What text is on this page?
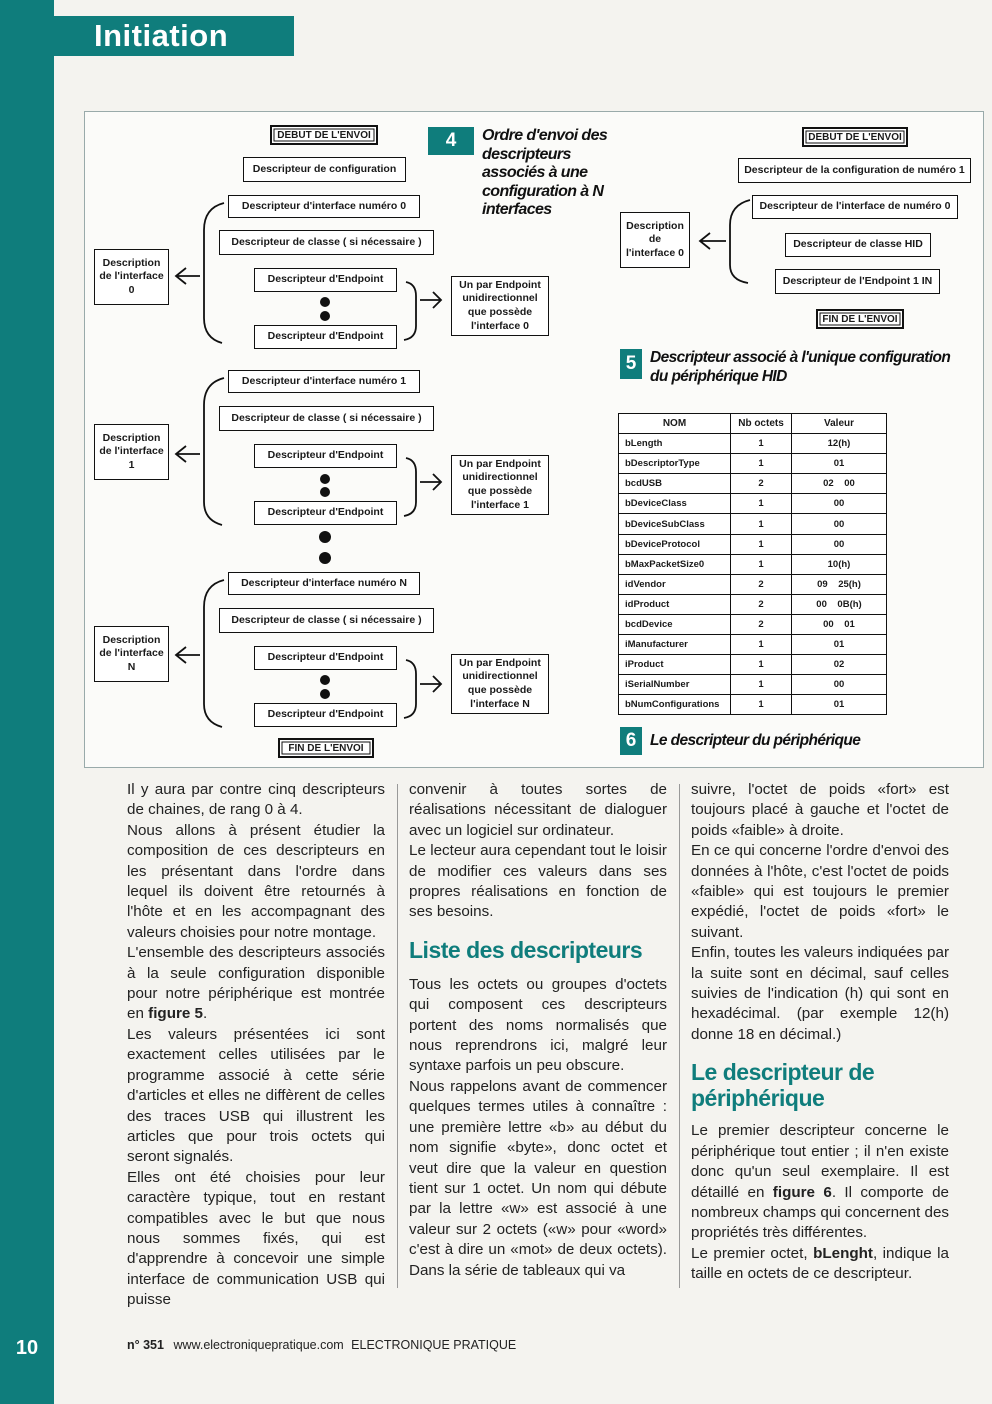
Initiation
DEBUT DE L'ENVOI
Descripteur de configuration
Descripteur d'interface numéro 0
Descripteur de classe ( si nécessaire )
Descripteur d'Endpoint
Descripteur d'Endpoint
Un par Endpoint unidirectionnel que possède l'interface 0
Description de l'interface 0
Descripteur d'interface numéro 1
Descripteur de classe ( si nécessaire )
Descripteur d'Endpoint
Descripteur d'Endpoint
Un par Endpoint unidirectionnel que possède l'interface 1
Description de l'interface 1
Descripteur d'interface numéro N
Descripteur de classe ( si nécessaire )
Descripteur d'Endpoint
Descripteur d'Endpoint
Un par Endpoint unidirectionnel que possède l'interface N
Description de l'interface N
FIN DE L'ENVOI
4	Ordre d'envoi des descripteurs associés à une configuration à N interfaces
DEBUT DE L'ENVOI
Descripteur de la configuration de numéro 1
Descripteur de l'interface de numéro 0
Descripteur de classe HID
Descripteur de l'Endpoint 1 IN
FIN DE L'ENVOI
Description de l'interface 0
5 Descripteur associé à l'unique configuration du périphérique HID
NOM	Nb octets	Valeur
bLength	1	12(h)
bDescriptorType	1	01
bcdUSB	2	02    00
bDeviceClass	1	00
bDeviceSubClass	1	00
bDeviceProtocol	1	00
bMaxPacketSize0	1	10(h)
idVendor	2	09    25(h)
idProduct	2	00    0B(h)
bcdDevice	2	00    01
iManufacturer	1	01
iProduct	1	02
iSerialNumber	1	00
bNumConfigurations	1	01
6 Le descripteur du périphérique

Il y aura par contre cinq descripteurs de chaines, de rang 0 à 4.

Nous allons à présent étudier la composition de ces descripteurs en les présentant dans l'ordre dans lequel ils doivent être retournés à l'hôte et en les accompagnant des valeurs choisies pour notre montage.

L'ensemble des descripteurs associés à la seule configuration disponible pour notre périphérique est montrée en figure 5.

Les valeurs présentées ici sont exactement celles utilisées par le programme associé à cette série d'articles et elles ne diffèrent de celles des traces USB qui illustrent les articles que pour trois octets qui seront signalés.

Elles ont été choisies pour leur caractère typique, tout en restant compatibles avec le but que nous nous sommes fixés, qui est d'apprendre à concevoir une simple interface de communication USB qui puisse

convenir à toutes sortes de réalisations nécessitant de dialoguer avec un logiciel sur ordinateur.

Le lecteur aura cependant tout le loisir de modifier ces valeurs dans ses propres réalisations en fonction de ses besoins.

Liste des descripteurs

Tous les octets ou groupes d'octets qui composent ces descripteurs portent des noms normalisés que nous reprendrons ici, malgré leur syntaxe parfois un peu obscure.

Nous rappelons avant de commencer quelques termes utiles à connaître : une première lettre «b» au début du nom signifie «byte», donc octet et veut dire que la valeur en question tient sur 1 octet. Un nom qui débute par la lettre «w» est associé à une valeur sur 2 octets («w» pour «word» c'est à dire un «mot» de deux octets). Dans la série de tableaux qui va

suivre, l'octet de poids «fort» est toujours placé à gauche et l'octet de poids «faible» à droite.

En ce qui concerne l'ordre d'envoi des données à l'hôte, c'est l'octet de poids «faible» qui est toujours le premier expédié, l'octet de poids «fort» le suivant.

Enfin, toutes les valeurs indiquées par la suite sont en décimal, sauf celles suivies de l'indication (h) qui sont en hexadécimal. (par exemple 12(h) donne 18 en décimal.)

Le descripteur de périphérique

Le premier descripteur concerne le périphérique tout entier ; il n'en existe donc qu'un seul exemplaire. Il est détaillé en figure 6. Il comporte de nombreux champs qui concernent des propriétés très différentes.

Le premier octet, bLenght, indique la taille en octets de ce descripteur.

10	n° 351 www.electroniquepratique.com ELECTRONIQUE PRATIQUE
